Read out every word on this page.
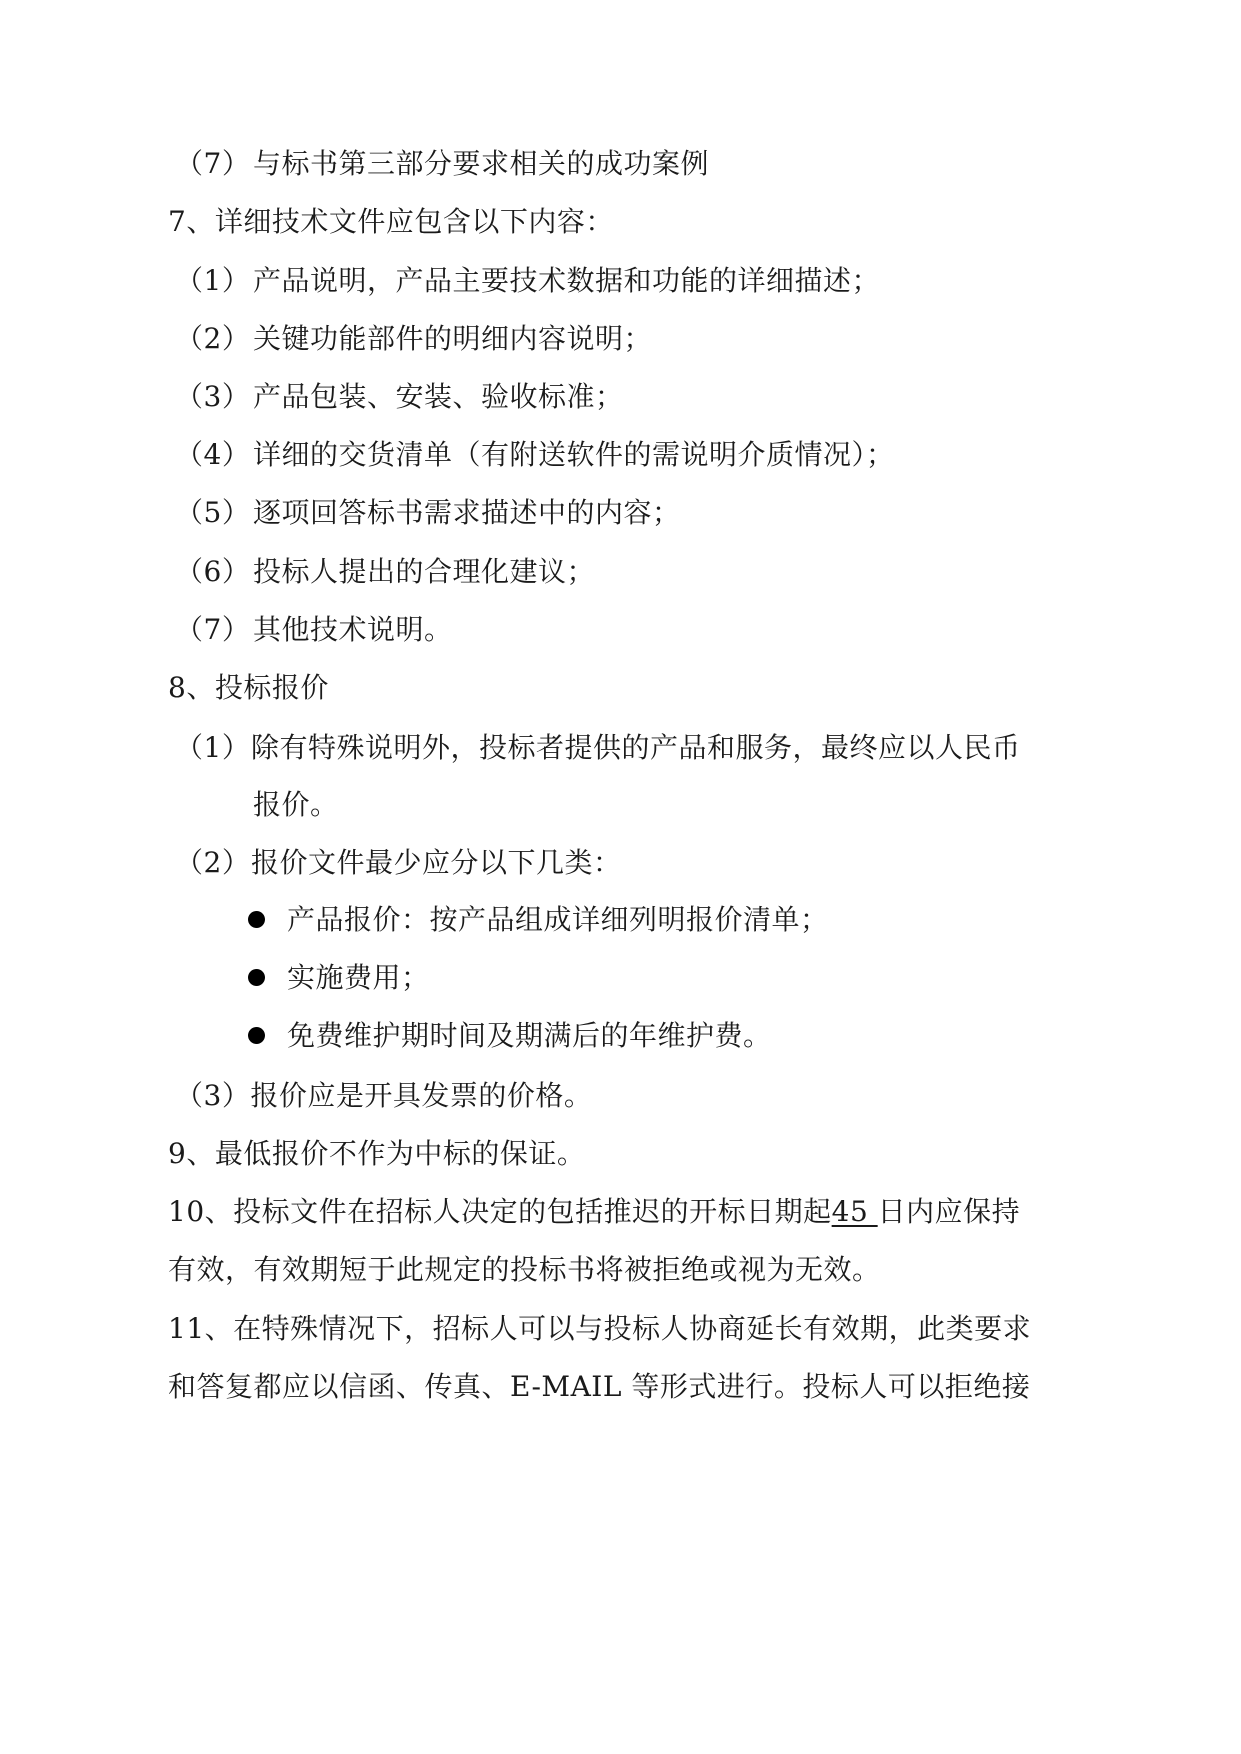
（7）与标书第三部分要求相关的成功案例
7、详细技术文件应包含以下内容：
（1）产品说明，产品主要技术数据和功能的详细描述；
（2）关键功能部件的明细内容说明；
（3）产品包装、安装、验收标准；
（4）详细的交货清单（有附送软件的需说明介质情况）；
（5）逐项回答标书需求描述中的内容；
（6）投标人提出的合理化建议；
（7）其他技术说明。
8、投标报价
（1）除有特殊说明外，投标者提供的产品和服务，最终应以人民币
报价。
（2）报价文件最少应分以下几类：
产品报价：按产品组成详细列明报价清单；
实施费用；
免费维护期时间及期满后的年维护费。
（3）报价应是开具发票的价格。
9、最低报价不作为中标的保证。
10、投标文件在招标人决定的包括推迟的开标日期起45 日内应保持
有效，有效期短于此规定的投标书将被拒绝或视为无效。
11、在特殊情况下，招标人可以与投标人协商延长有效期，此类要求
和答复都应以信函、传真、E-MAIL 等形式进行。投标人可以拒绝接
